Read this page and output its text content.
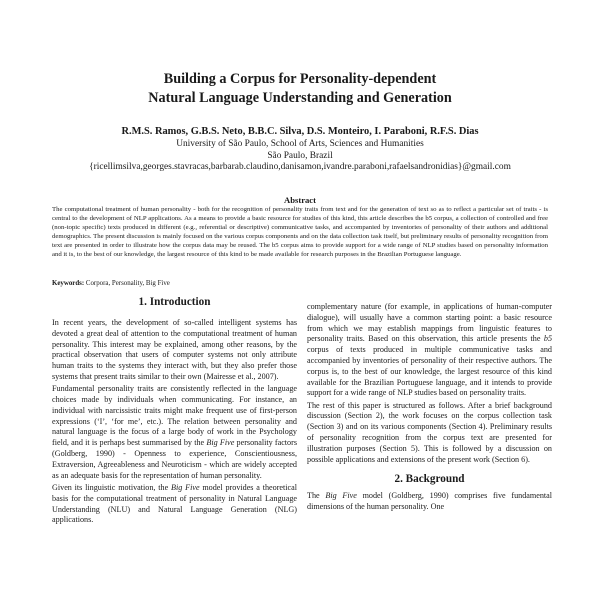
Building a Corpus for Personality-dependent
Natural Language Understanding and Generation
R.M.S. Ramos, G.B.S. Neto, B.B.C. Silva, D.S. Monteiro, I. Paraboni, R.F.S. Dias
University of São Paulo, School of Arts, Sciences and Humanities
São Paulo, Brazil
{ricellimsilva,georges.stavracas,barbarab.claudino,danisamon,ivandre.paraboni,rafaelsandronidias}@gmail.com
Abstract

The computational treatment of human personality - both for the recognition of personality traits from text and for the generation of text so as to reflect a particular set of traits - is central to the development of NLP applications. As a means to provide a basic resource for studies of this kind, this article describes the b5 corpus, a collection of controlled and free (non-topic specific) texts produced in different (e.g., referential or descriptive) communicative tasks, and accompanied by inventories of personality of their authors and additional demographics. The present discussion is mainly focused on the various corpus components and on the data collection task itself, but preliminary results of personality recognition from text are presented in order to illustrate how the corpus data may be reused. The b5 corpus aims to provide support for a wide range of NLP studies based on personality information and it is, to the best of our knowledge, the largest resource of this kind to be made available for research purposes in the Brazilian Portuguese language.

Keywords: Corpora, Personality, Big Five
1. Introduction

In recent years, the development of so-called intelligent systems has devoted a great deal of attention to the computational treatment of human personality. This interest may be explained, among other reasons, by the practical observation that users of computer systems not only attribute human traits to the systems they interact with, but they also prefer those systems that present traits similar to their own (Mairesse et al., 2007).

Fundamental personality traits are consistently reflected in the language choices made by individuals when communicating. For instance, an individual with narcissistic traits might make frequent use of first-person expressions (‘I’, ‘for me’, etc.). The relation between personality and natural language is the focus of a large body of work in the Psychology field, and it is perhaps best summarised by the Big Five personality factors (Goldberg, 1990) - Openness to experience, Conscientiousness, Extraversion, Agreeableness and Neuroticism - which are widely accepted as an adequate basis for the representation of human personality.

Given its linguistic motivation, the Big Five model provides a theoretical basis for the computational treatment of personality in Natural Language Understanding (NLU) and Natural Language Generation (NLG) applications.

complementary nature (for example, in applications of human-computer dialogue), will usually have a common starting point: a basic resource from which we may establish mappings from linguistic features to personality traits. Based on this observation, this article presents the b5 corpus of texts produced in multiple communicative tasks and accompanied by inventories of personality of their respective authors. The corpus is, to the best of our knowledge, the largest resource of this kind available for the Brazilian Portuguese language, and it intends to provide support for a wide range of NLP studies based on personality traits.

The rest of this paper is structured as follows. After a brief background discussion (Section 2), the work focuses on the corpus collection task (Section 3) and on its various components (Section 4). Preliminary results of personality recognition from the corpus text are presented for illustration purposes (Section 5). This is followed by a discussion on possible applications and extensions of the present work (Section 6).

2. Background

The Big Five model (Goldberg, 1990) comprises five fundamental dimensions of the human personality. One
